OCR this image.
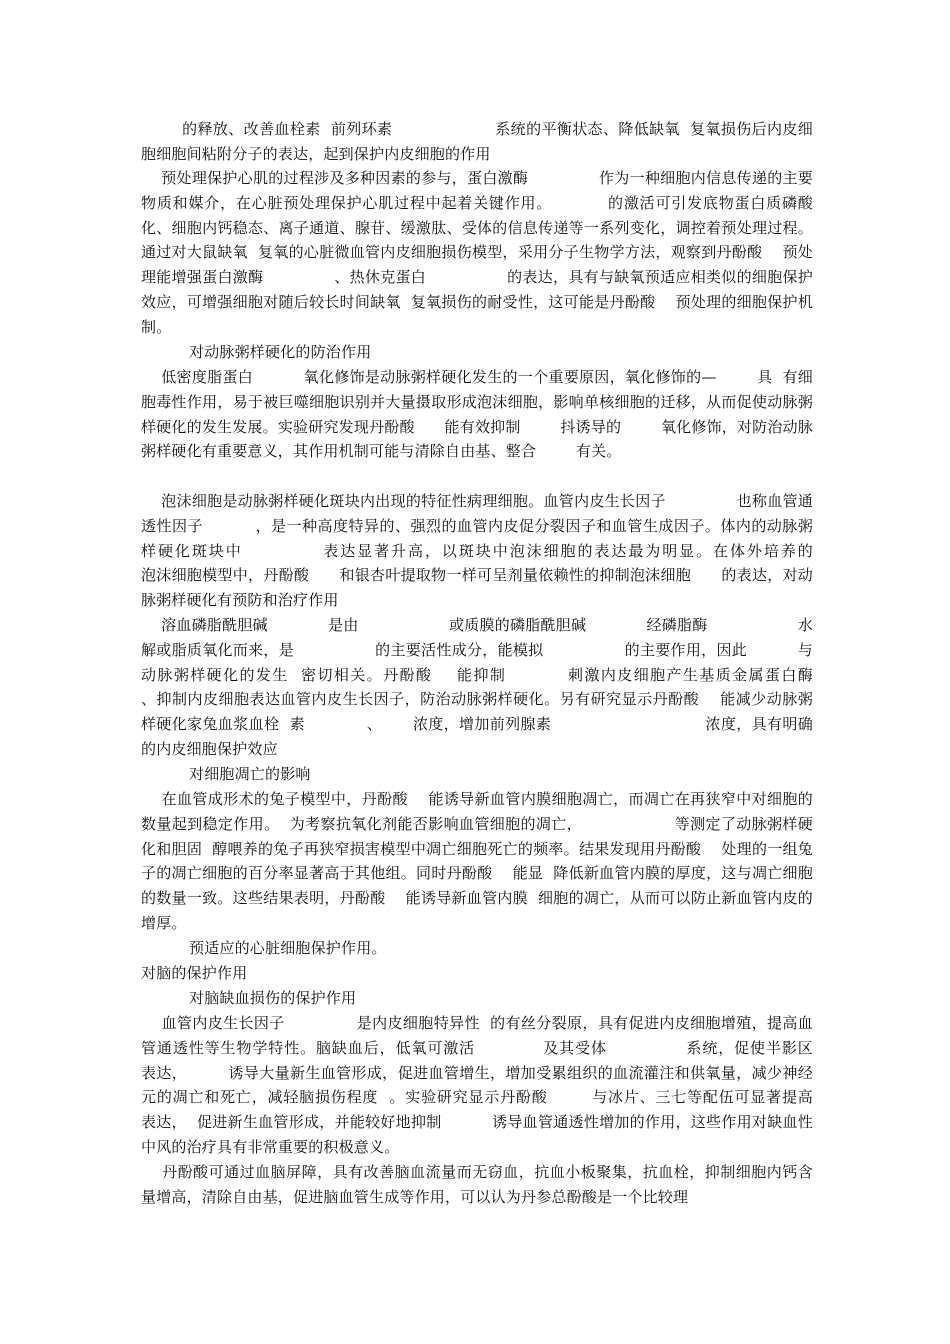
的释放、改善血栓素  前列环素                    系统的平衡状态、降低缺氧  复氧损伤后内皮细胞细胞间粘附分子的表达，起到保护内皮细胞的作用

预处理保护心肌的过程涉及多种因素的参与，蛋白激酶              作为一种细胞内信息传递的主要物质和媒介，在心脏预处理保护心肌过程中起着关键作用。          的激活可引发底物蛋白质磷酸化、细胞内钙稳态、离子通道、腺苷、缓激肽、受体的信息传递等一系列变化，调控着预处理过程。通过对大鼠缺氧  复氧的心脏微血管内皮细胞损伤模型，采用分子生物学方法，观察到丹酚酸    预处理能增强蛋白激酶              、热休克蛋白                的表达，具有与缺氧预适应相类似的细胞保护效应，可增强细胞对随后较长时间缺氧  复氧损伤的耐受性，这可能是丹酚酸    预处理的细胞保护机制。

对动脉粥样硬化的防治作用

低密度脂蛋白          氧化修饰是动脉粥样硬化发生的一个重要原因，氧化修饰的—        具  有细胞毒性作用，易于被巨噬细胞识别并大量摄取形成泡沫细胞，影响单核细胞的迁移，从而促使动脉粥样硬化的发生发展。实验研究发现丹酚酸      能有效抑制        抖诱导的        氧化修饰，对防治动脉粥样硬化有重要意义，其作用机制可能与清除自由基、整合        有关。

泡沫细胞是动脉粥样硬化斑块内出现的特征性病理细胞。血管内皮生长因子              也称血管通透性因子          ，是一种高度特异的、强烈的血管内皮促分裂因子和血管生成因子。体内的动脉粥样硬化斑块中            表达显著升高，以斑块中泡沫细胞的表达最为明显。在体外培养的              泡沫细胞模型中，丹酚酸      和银杏叶提取物一样可呈剂量依赖性的抑制泡沫细胞      的表达，对动脉粥样硬化有预防和治疗作用

溶血磷脂酰胆碱            是由                  或质膜的磷脂酰胆碱            经磷脂酶                  水解或脂质氧化而来，是                的主要活性成分，能模拟                的主要作用，因此          与动脉粥样硬化的发生  密切相关。丹酚酸    能抑制          刺激内皮细胞产生基质金属蛋白酶                  、抑制内皮细胞表达血管内皮生长因子，防治动脉粥样硬化。另有研究显示丹酚酸    能减少动脉粥样硬化家兔血浆血栓  素            、      浓度，增加前列腺素                              浓度，具有明确的内皮细胞保护效应

对细胞凋亡的影响

在血管成形术的兔子模型中，丹酚酸    能诱导新血管内膜细胞凋亡，而凋亡在再狭窄中对细胞的数量起到稳定作用。  为考察抗氧化剂能否影响血管细胞的凋亡，                  等测定了动脉粥样硬化和胆固  醇喂养的兔子再狭窄损害模型中凋亡细胞死亡的频率。结果发现用丹酚酸    处理的一组兔子的凋亡细胞的百分率显著高于其他组。同时丹酚酸    能显  降低新血管内膜的厚度，这与凋亡细胞的数量一致。这些结果表明，丹酚酸    能诱导新血管内膜  细胞的凋亡，从而可以防止新血管内皮的增厚。

预适应的心脏细胞保护作用。

对脑的保护作用

对脑缺血损伤的保护作用

血管内皮生长因子              是内皮细胞特异性  的有丝分裂原，具有促进内皮细胞增殖，提高血管通透性等生物学特性。脑缺血后，低氧可激活            及其受体              系统，促使半影区            表达，        诱导大量新生血管形成，促进血管增生，增加受累组织的血流灌注和供氧量，减少神经元的凋亡和死亡，减轻脑损伤程度  。实验研究显示丹酚酸        与冰片、三七等配伍可显著提高              表达，  促进新生血管形成，并能较好地抑制          诱导血管通透性增加的作用，这些作用对缺血性中风的治疗具有非常重要的积极意义。

丹酚酸可通过血脑屏障，具有改善脑血流量而无窃血，抗血小板聚集，抗血栓，抑制细胞内钙含量增高，清除自由基，促进脑血管生成等作用，可以认为丹参总酚酸是一个比较理
